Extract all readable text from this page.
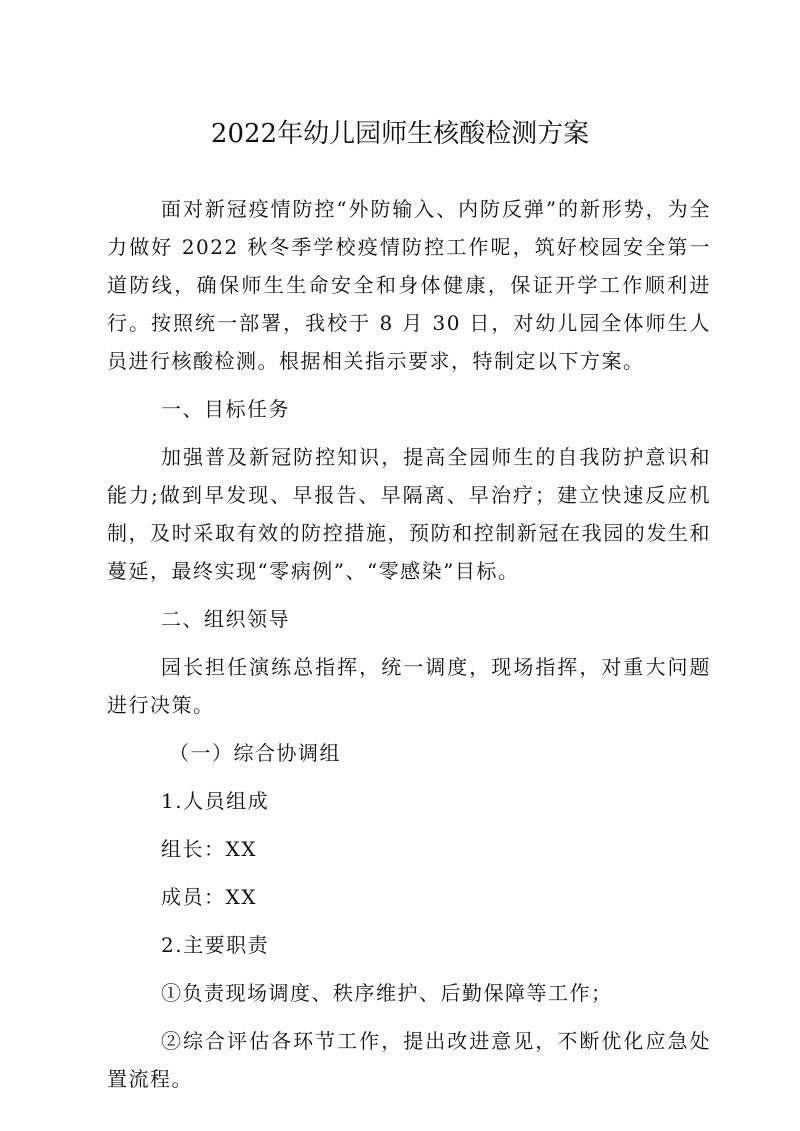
2022年幼儿园师生核酸检测方案

面对新冠疫情防控“外防输入、内防反弹”的新形势，为全力做好 2022 秋冬季学校疫情防控工作呢，筑好校园安全第一道防线，确保师生生命安全和身体健康，保证开学工作顺利进行。按照统一部署，我校于 8 月 30 日，对幼儿园全体师生人员进行核酸检测。根据相关指示要求，特制定以下方案。

一、目标任务

加强普及新冠防控知识，提高全园师生的自我防护意识和能力;做到早发现、早报告、早隔离、早治疗；建立快速反应机制，及时采取有效的防控措施，预防和控制新冠在我园的发生和蔓延，最终实现“零病例”、“零感染”目标。

二、组织领导

园长担任演练总指挥，统一调度，现场指挥，对重大问题进行决策。

（一）综合协调组

1.人员组成

组长：XX

成员：XX

2.主要职责

①负责现场调度、秩序维护、后勤保障等工作；

②综合评估各环节工作，提出改进意见，不断优化应急处置流程。
